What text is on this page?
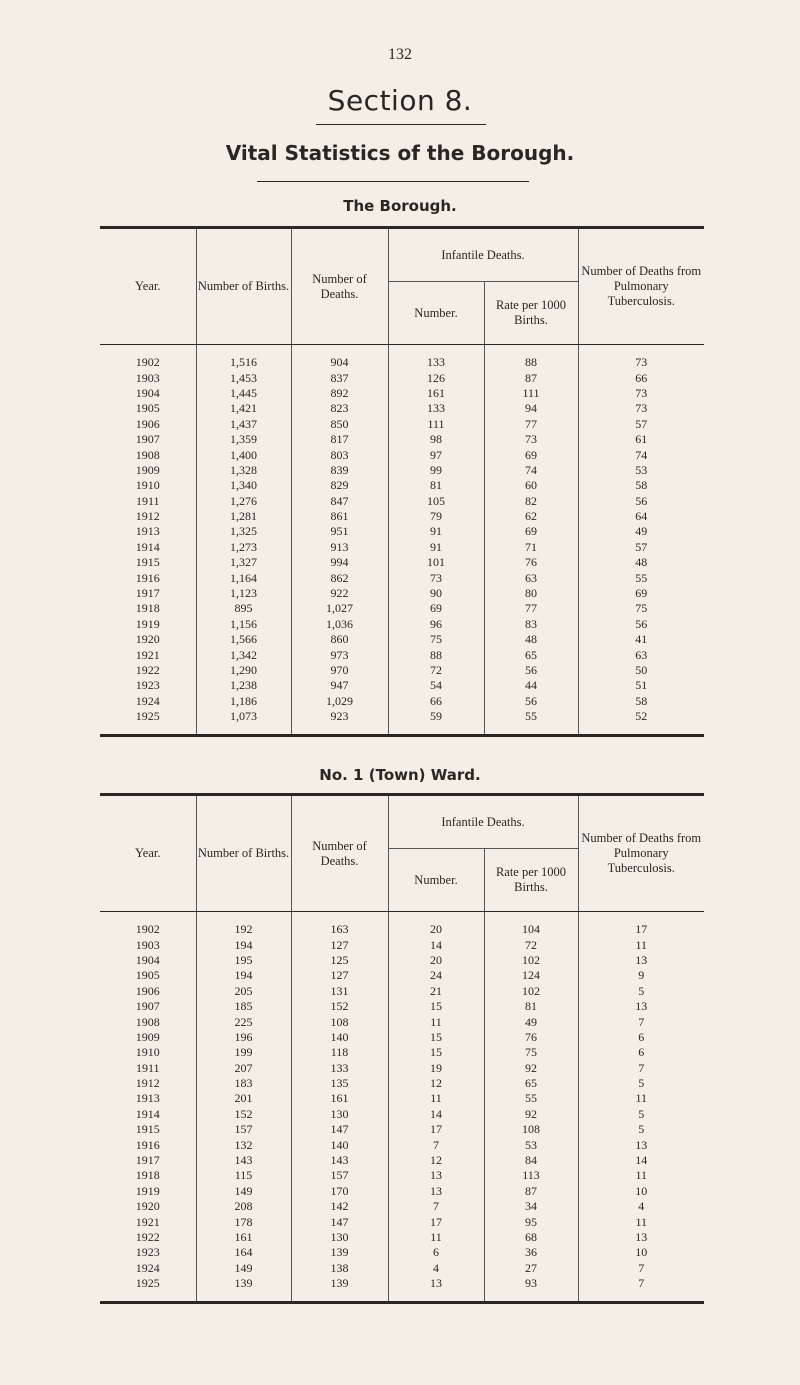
132
Section 8.
Vital Statistics of the Borough.
The Borough.
Year.	Number of Births.	Number of Deaths.	Infantile Deaths.		Number of Deaths from Pulmonary Tuberculosis.
			Number.	Rate per 1000 Births.	

1902	1,516	904	133	88	73
1903	1,453	837	126	87	66
1904	1,445	892	161	111	73
1905	1,421	823	133	94	73
1906	1,437	850	111	77	57
1907	1,359	817	98	73	61
1908	1,400	803	97	69	74
1909	1,328	839	99	74	53
1910	1,340	829	81	60	58
1911	1,276	847	105	82	56
1912	1,281	861	79	62	64
1913	1,325	951	91	69	49
1914	1,273	913	91	71	57
1915	1,327	994	101	76	48
1916	1,164	862	73	63	55
1917	1,123	922	90	80	69
1918	895	1,027	69	77	75
1919	1,156	1,036	96	83	56
1920	1,566	860	75	48	41
1921	1,342	973	88	65	63
1922	1,290	970	72	56	50
1923	1,238	947	54	44	51
1924	1,186	1,029	66	56	58
1925	1,073	923	59	55	52

No. 1 (Town) Ward.
Year.	Number of Births.	Number of Deaths.	Infantile Deaths.		Number of Deaths from Pulmonary Tuberculosis.
			Number.	Rate per 1000 Births.	

1902	192	163	20	104	17
1903	194	127	14	72	11
1904	195	125	20	102	13
1905	194	127	24	124	9
1906	205	131	21	102	5
1907	185	152	15	81	13
1908	225	108	11	49	7
1909	196	140	15	76	6
1910	199	118	15	75	6
1911	207	133	19	92	7
1912	183	135	12	65	5
1913	201	161	11	55	11
1914	152	130	14	92	5
1915	157	147	17	108	5
1916	132	140	7	53	13
1917	143	143	12	84	14
1918	115	157	13	113	11
1919	149	170	13	87	10
1920	208	142	7	34	4
1921	178	147	17	95	11
1922	161	130	11	68	13
1923	164	139	6	36	10
1924	149	138	4	27	7
1925	139	139	13	93	7
